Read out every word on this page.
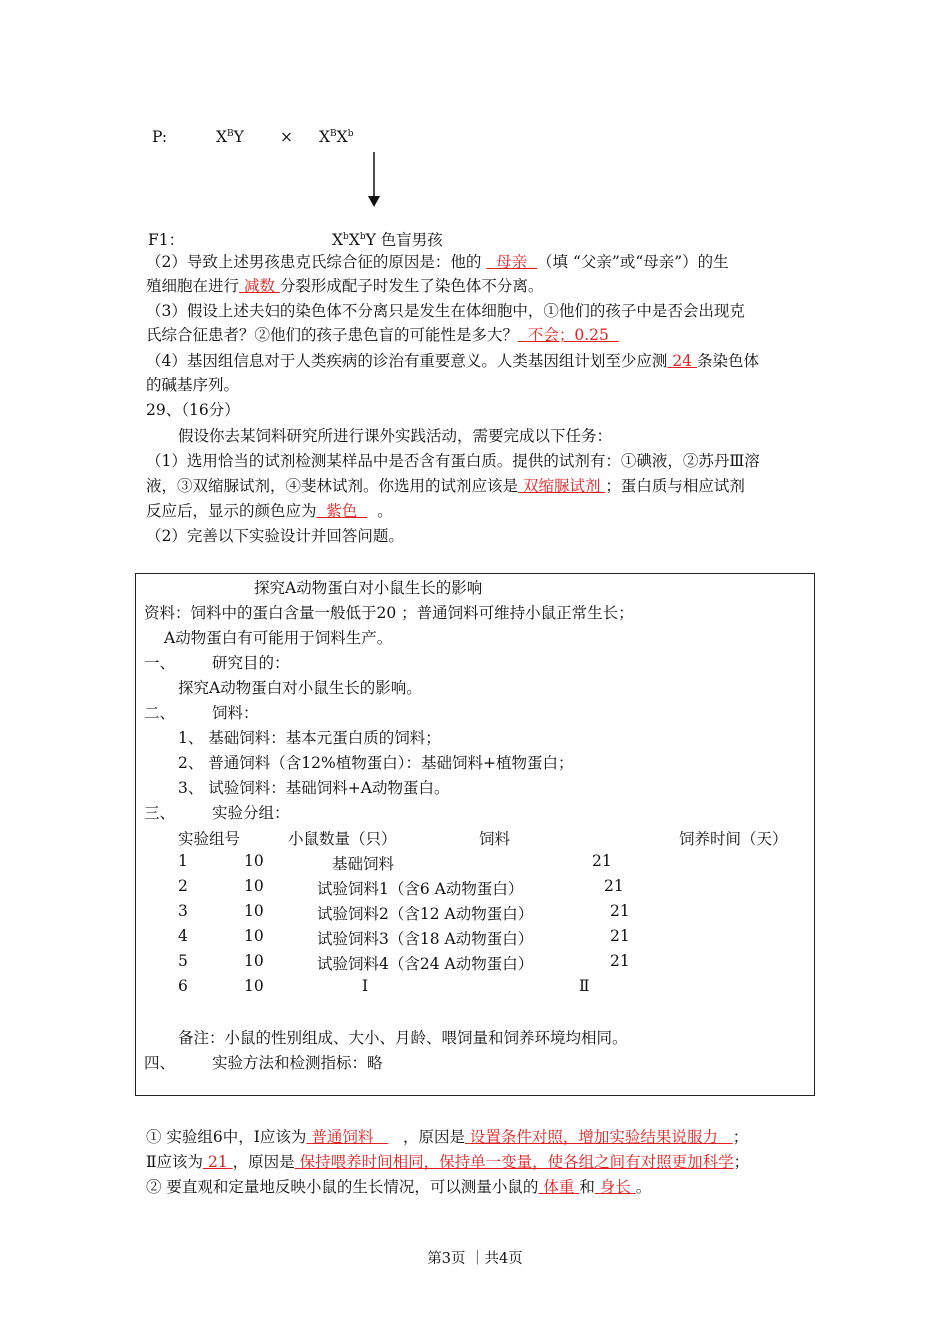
P:	$X^BY \times X^BX^b$
F1：	$X^bX^bY$ 色盲男孩
（2）导致上述男孩患克氏综合征的原因是：他的 母亲 （填 “父亲”或“母亲”）的生
殖细胞在进行 减数 分裂形成配子时发生了染色体不分离。
（3）假设上述夫妇的染色体不分离只是发生在体细胞中，①他们的孩子中是否会出现克
氏综合征患者？②他们的孩子患色盲的可能性是多大？ 不会；0.25
（4）基因组信息对于人类疾病的诊治有重要意义。人类基因组计划至少应测 24 条染色体
的碱基序列。
29、（16分）
假设你去某饲料研究所进行课外实践活动，需要完成以下任务：
（1）选用恰当的试剂检测某样品中是否含有蛋白质。提供的试剂有：①碘液，②苏丹Ⅲ溶
液，③双缩脲试剂，④斐林试剂。你选用的试剂应该是 双缩脲试剂 ；蛋白质与相应试剂
反应后，显示的颜色应为 紫色 。
（2）完善以下实验设计并回答问题。
探究A动物蛋白对小鼠生长的影响
资料：饲料中的蛋白含量一般低于20 ；普通饲料可维持小鼠正常生长；
A动物蛋白有可能用于饲料生产。
一、 研究目的：
探究A动物蛋白对小鼠生长的影响。
二、 饲料：
1、 基础饲料：基本元蛋白质的饲料；
2、 普通饲料（含12%植物蛋白）：基础饲料+植物蛋白；
3、 试验饲料：基础饲料+A动物蛋白。
三、 实验分组：
实验组号	小鼠数量（只）	饲料	饲养时间（天）
1	10	基础饲料	21
2	10	试验饲料1（含6 A动物蛋白）	21
3	10	试验饲料2（含12 A动物蛋白）	21
4	10	试验饲料3（含18 A动物蛋白）	21
5	10	试验饲料4（含24 A动物蛋白）	21
6	10	Ⅰ	Ⅱ
备注：小鼠的性别组成、大小、月龄、喂饲量和饲养环境均相同。
四、 实验方法和检测指标：略
① 实验组6中，Ⅰ应该为 普通饲料 ，原因是 设置条件对照，增加实验结果说服力 ；
Ⅱ应该为 21 ，原因是 保持喂养时间相同，保持单一变量，使各组之间有对照更加科学；
② 要直观和定量地反映小鼠的生长情况，可以测量小鼠的 体重 和 身长 。
第3页 ｜共4页
